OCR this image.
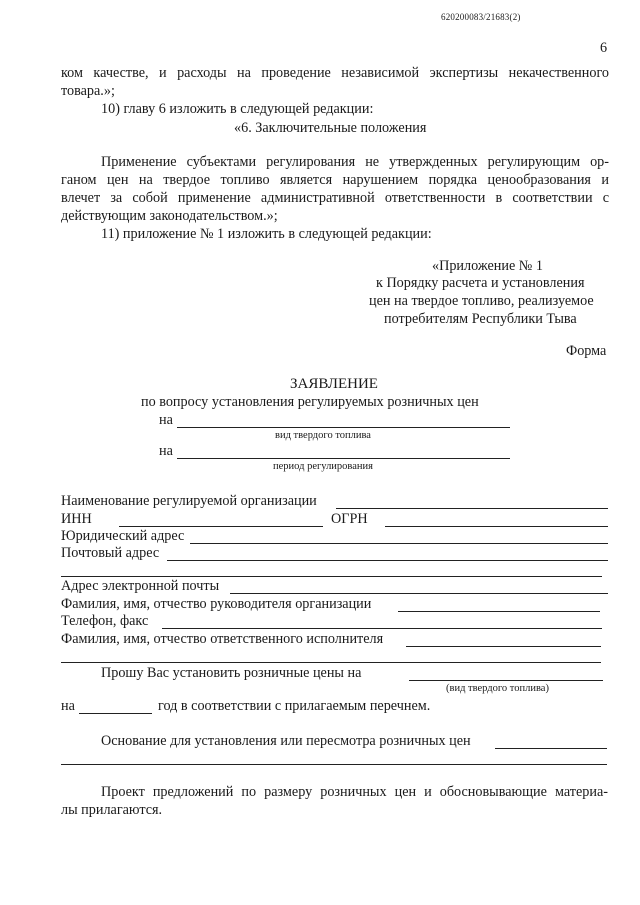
620200083/21683(2)
6
ком качестве, и расходы на проведение независимой экспертизы некачественного
товара.»;
10) главу 6 изложить в следующей редакции:
«6. Заключительные положения
Применение субъектами регулирования не утвержденных регулирующим ор-
ганом цен на твердое топливо является нарушением порядка ценообразования и
влечет за собой применение административной ответственности в соответствии с
действующим законодательством.»;
11) приложение № 1 изложить в следующей редакции:
«Приложение № 1
к Порядку расчета и установления
цен на твердое топливо, реализуемое
потребителям Республики Тыва
Форма
ЗАЯВЛЕНИЕ
по вопросу установления регулируемых розничных цен
на
вид твердого топлива
на
период регулирования
Наименование регулируемой организации
ИНН	ОГРН
Юридический адрес
Почтовый адрес
Адрес электронной почты
Фамилия, имя, отчество руководителя организации
Телефон, факс
Фамилия, имя, отчество ответственного исполнителя
Прошу Вас установить розничные цены на
(вид твердого топлива)
на	год в соответствии с прилагаемым перечнем.
Основание для установления или пересмотра розничных цен
Проект предложений по размеру розничных цен и обосновывающие материа-
лы прилагаются.
